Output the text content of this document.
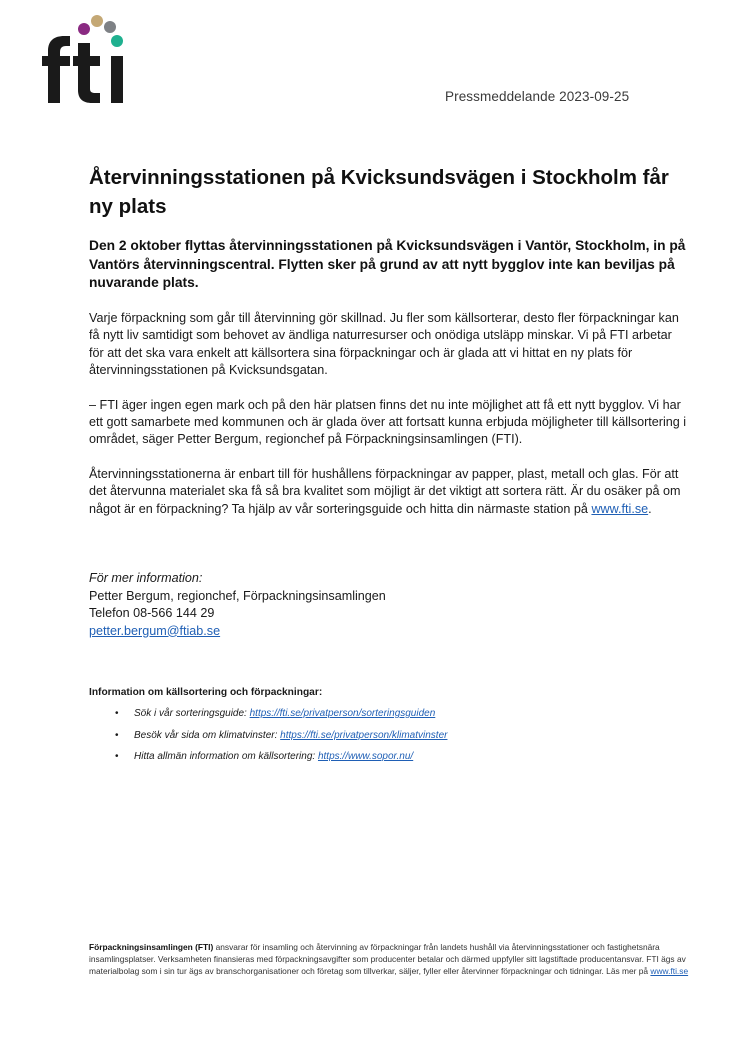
Pressmeddelande 2023-09-25
Återvinningsstationen på Kvicksundsvägen i Stockholm får ny plats

Den 2 oktober flyttas återvinningsstationen på Kvicksundsvägen i Vantör, Stockholm, in på Vantörs återvinningscentral. Flytten sker på grund av att nytt bygglov inte kan beviljas på nuvarande plats.

Varje förpackning som går till återvinning gör skillnad. Ju fler som källsorterar, desto fler förpackningar kan få nytt liv samtidigt som behovet av ändliga naturresurser och onödiga utsläpp minskar. Vi på FTI arbetar för att det ska vara enkelt att källsortera sina förpackningar och är glada att vi hittat en ny plats för återvinningsstationen på Kvicksundsgatan.

– FTI äger ingen egen mark och på den här platsen finns det nu inte möjlighet att få ett nytt bygglov. Vi har ett gott samarbete med kommunen och är glada över att fortsatt kunna erbjuda möjligheter till källsortering i området, säger Petter Bergum, regionchef på Förpackningsinsamlingen (FTI).

Återvinningsstationerna är enbart till för hushållens förpackningar av papper, plast, metall och glas. För att det återvunna materialet ska få så bra kvalitet som möjligt är det viktigt att sortera rätt. Är du osäker på om något är en förpackning? Ta hjälp av vår sorteringsguide och hitta din närmaste station på www.fti.se.

För mer information:
Petter Bergum, regionchef, Förpackningsinsamlingen
Telefon 08-566 144 29
petter.bergum@ftiab.se
Information om källsortering och förpackningar:
• Sök i vår sorteringsguide: https://fti.se/privatperson/sorteringsguiden
• Besök vår sida om klimatvinster: https://fti.se/privatperson/klimatvinster
• Hitta allmän information om källsortering: https://www.sopor.nu/
Förpackningsinsamlingen (FTI) ansvarar för insamling och återvinning av förpackningar från landets hushåll via återvinningsstationer och fastighetsnära insamlingsplatser. Verksamheten finansieras med förpackningsavgifter som producenter betalar och därmed uppfyller sitt lagstiftade producentansvar. FTI ägs av materialbolag som i sin tur ägs av branschorganisationer och företag som tillverkar, säljer, fyller eller återvinner förpackningar och tidningar. Läs mer på www.fti.se
